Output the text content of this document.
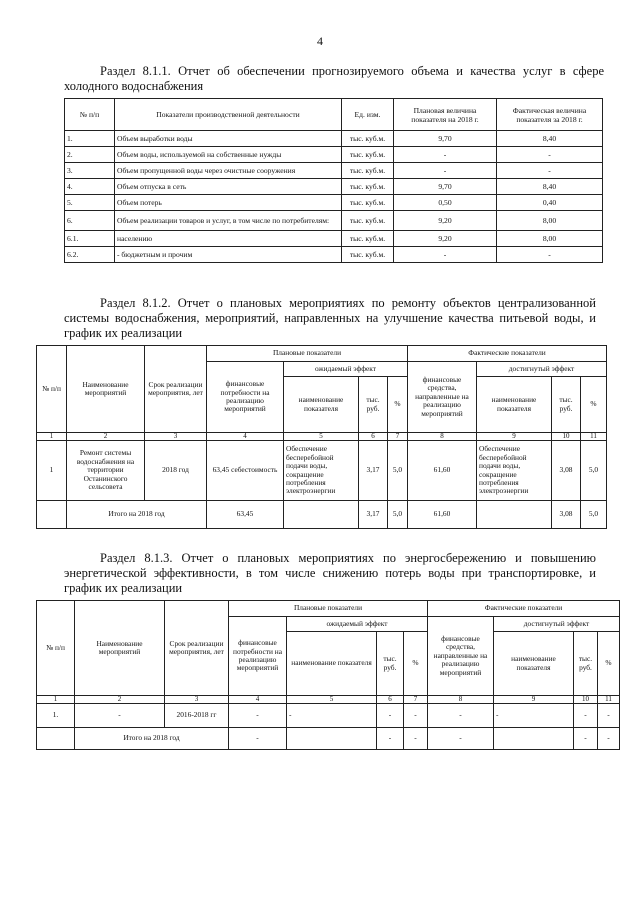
4
Раздел 8.1.1. Отчет об обеспечении прогнозируемого объема и качества услуг в сфере холодного водоснабжения
№ п/п	Показатели производственной деятельности	Ед. изм.	Плановая величина показателя на 2018 г.	Фактическая величина показателя за 2018 г.
1.	Объем выработки воды	тыс. куб.м.	9,70	8,40
2.	Объем воды, используемой на собственные нужды	тыс. куб.м.	-	-
3.	Объем пропущенной воды через очистные сооружения	тыс. куб.м.	-	-
4.	Объем отпуска в сеть	тыс. куб.м.	9,70	8,40
5.	Объем потерь	тыс. куб.м.	0,50	0,40
6.	Объем реализации товаров и услуг, в том числе по потребителям:	тыс. куб.м.	9,20	8,00
6.1.	населению	тыс. куб.м.	9,20	8,00
6.2.	- бюджетным и прочим	тыс. куб.м.	-	-
Раздел 8.1.2. Отчет о плановых мероприятиях по ремонту объектов централизованной системы водоснабжения, мероприятий, направленных на улучшение качества питьевой воды, и график их реализации
№ п/п	Наименование мероприятий	Срок реализации мероприятия, лет	Плановые показатели				Фактические показатели			
			финансовые потребности на реализацию мероприятий	ожидаемый эффект			финансовые средства, направленные на реализацию мероприятий	достигнутый эффект		
				наименование показателя	тыс. руб.	%		наименование показателя	тыс. руб.	%
1	2	3	4	5	6	7	8	9	10	11
1	Ремонт системы водоснабжения на территории Останинского сельсовета	2018 год	63,45 себестоимость	Обеспечение бесперебойной подачи воды, сокращение потребления электроэнергии	3,17	5,0	61,60	Обеспечение бесперебойной подачи воды, сокращение потребления электроэнергии	3,08	5,0
	Итого на 2018 год		63,45		3,17	5,0	61,60		3,08	5,0
Раздел 8.1.3. Отчет о плановых мероприятиях по энергосбережению и повышению энергетической эффективности, в том числе снижению потерь воды при транспортировке, и график их реализации
№ п/п	Наименование мероприятий	Срок реализации мероприятия, лет	Плановые показатели				Фактические показатели			
			финансовые потребности на реализацию мероприятий	ожидаемый эффект			финансовые средства, направленные на реализацию мероприятий	достигнутый эффект		
				наименование показателя	тыс. руб.	%		наименование показателя	тыс. руб.	%
1	2	3	4	5	6	7	8	9	10	11
1.	-	2016-2018 гг	-	-	-	-	-	-	-	-
	Итого на 2018 год		-		-	-	-		-	-
